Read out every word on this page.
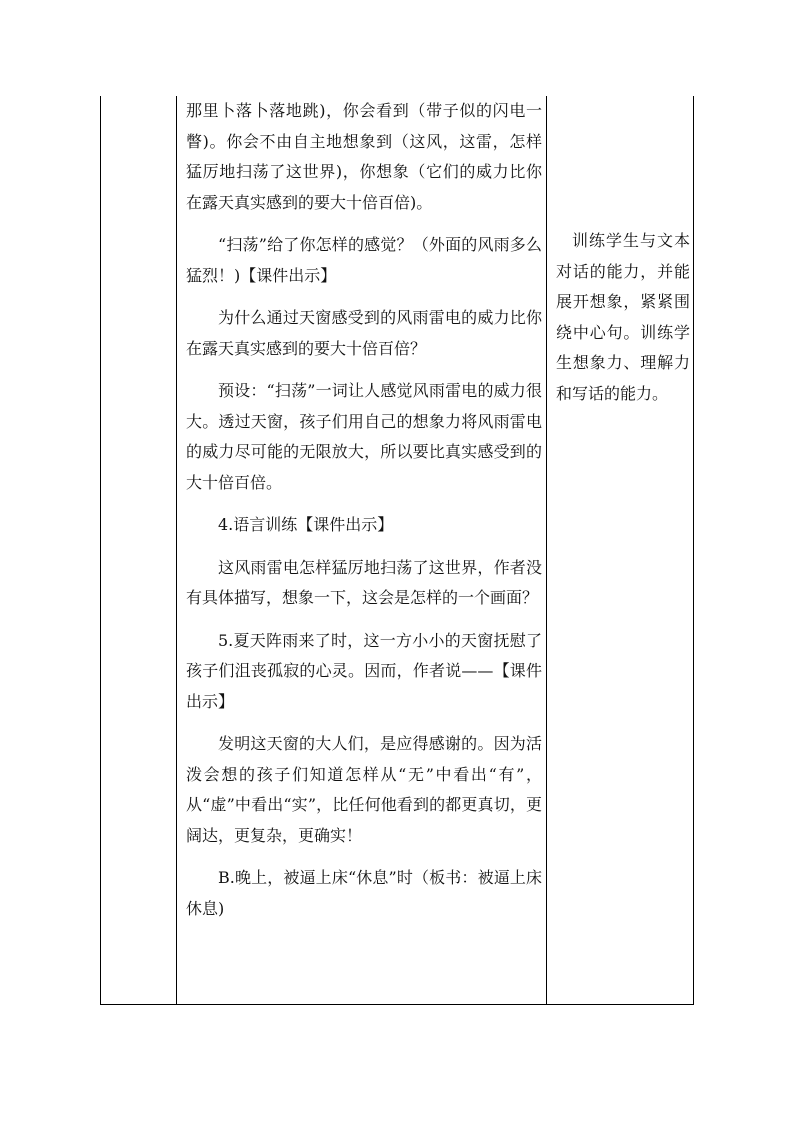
那里卜落卜落地跳)，你会看到（带子似的闪电一瞥)。你会不由自主地想象到（这风，这雷，怎样猛厉地扫荡了这世界)，你想象（它们的威力比你在露天真实感到的要大十倍百倍)。

“扫荡”给了你怎样的感觉？（外面的风雨多么猛烈！)【课件出示】

为什么通过天窗感受到的风雨雷电的威力比你在露天真实感到的要大十倍百倍？

预设：“扫荡”一词让人感觉风雨雷电的威力很大。透过天窗，孩子们用自己的想象力将风雨雷电的威力尽可能的无限放大，所以要比真实感受到的大十倍百倍。

4.语言训练【课件出示】

这风雨雷电怎样猛厉地扫荡了这世界，作者没有具体描写，想象一下，这会是怎样的一个画面？

5.夏天阵雨来了时，这一方小小的天窗抚慰了孩子们沮丧孤寂的心灵。因而，作者说——【课件出示】

发明这天窗的大人们，是应得感谢的。因为活泼会想的孩子们知道怎样从“无”中看出“有”，从“虚”中看出“实”，比任何他看到的都更真切，更阔达，更复杂，更确实！

B.晚上，被逼上床“休息”时（板书：被逼上床休息)

训练学生与文本对话的能力，并能展开想象，紧紧围绕中心句。训练学生想象力、理解力和写话的能力。
